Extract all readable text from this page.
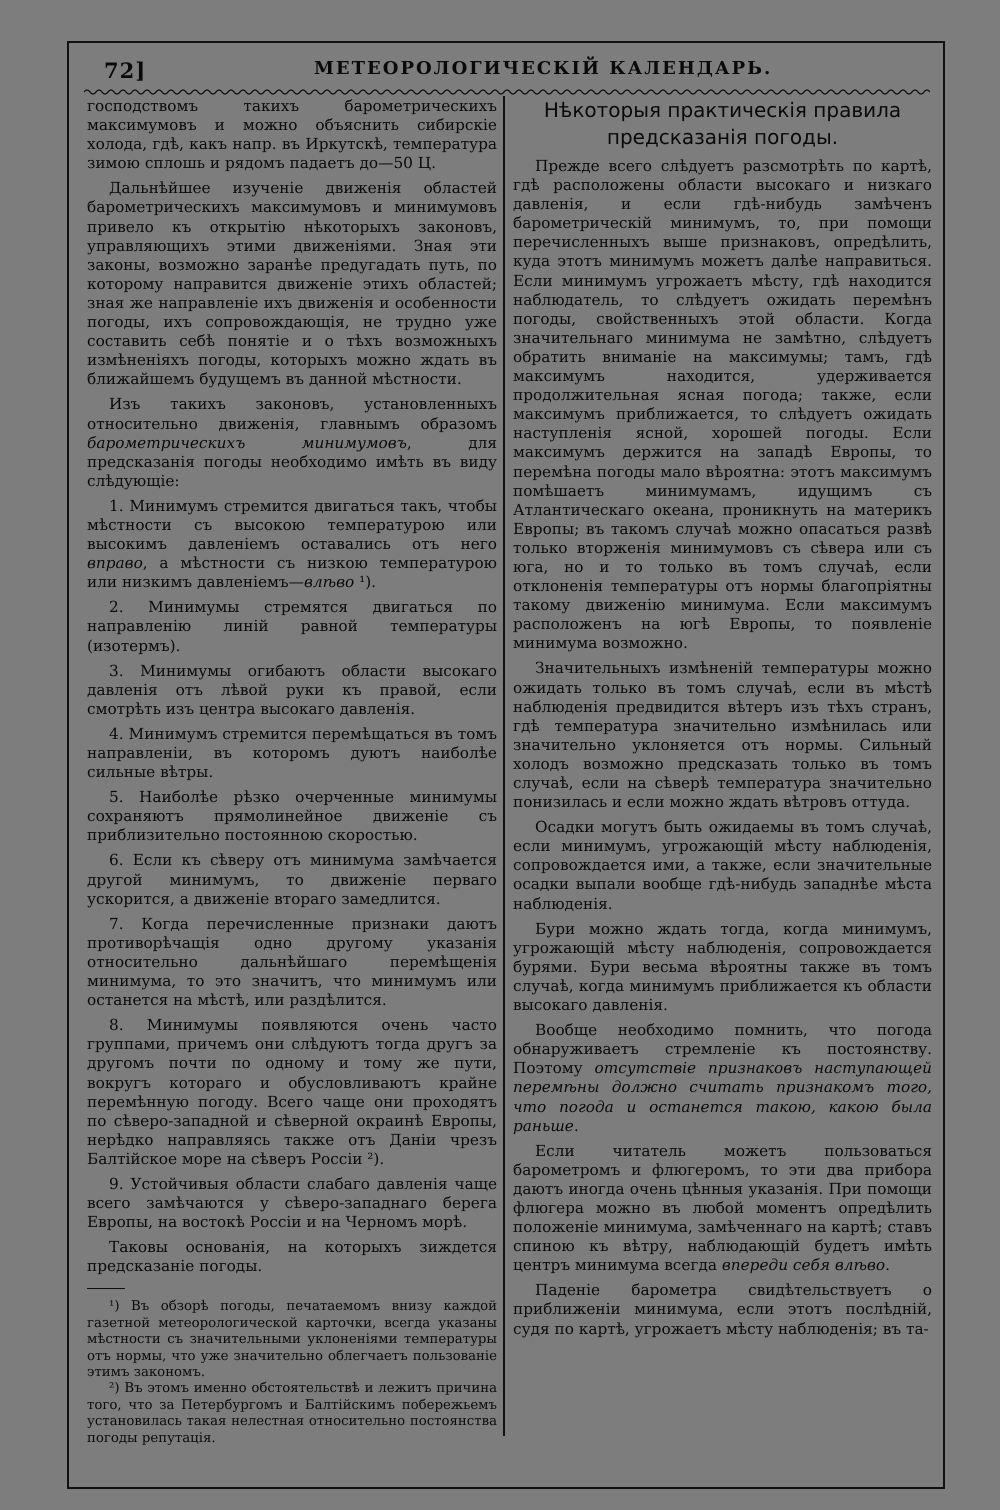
72]	МЕТЕОРОЛОГИЧЕСКІЙ КАЛЕНДАРЬ.

господствомъ такихъ барометрическихъ максимумовъ и можно объяснить сибирскіе холода, гдѣ, какъ напр. въ Иркутскѣ, температура зимою сплошь и рядомъ падаетъ до—50 Ц.

Дальнѣйшее изученіе движенія областей барометрическихъ максимумовъ и минимумовъ привело къ открытію нѣкоторыхъ законовъ, управляющихъ этими движеніями. Зная эти законы, возможно заранѣе предугадать путь, по которому направится движеніе этихъ областей; зная же направленіе ихъ движенія и особенности погоды, ихъ сопровождающія, не трудно уже составить себѣ понятіе и о тѣхъ возможныхъ измѣненіяхъ погоды, которыхъ можно ждать въ ближайшемъ будущемъ въ данной мѣстности.

Изъ такихъ законовъ, установленныхъ относительно движенія, главнымъ образомъ барометрическихъ минимумовъ, для предсказанія погоды необходимо имѣть въ виду слѣдующіе:

1. Минимумъ стремится двигаться такъ, чтобы мѣстности съ высокою температурою или высокимъ давленіемъ оставались отъ него вправо, а мѣстности съ низкою температурою или низкимъ давленіемъ—влѣво ¹).

2. Минимумы стремятся двигаться по направленію линій равной температуры (изотермъ).

3. Минимумы огибаютъ области высокаго давленія отъ лѣвой руки къ правой, если смотрѣть изъ центра высокаго давленія.

4. Минимумъ стремится перемѣщаться въ томъ направленіи, въ которомъ дуютъ наиболѣе сильные вѣтры.

5. Наиболѣе рѣзко очерченные минимумы сохраняютъ прямолинейное движеніе съ приблизительно постоянною скоростью.

6. Если къ сѣверу отъ минимума замѣчается другой минимумъ, то движеніе перваго ускорится, а движеніе втораго замедлится.

7. Когда перечисленные признаки даютъ противорѣчащія одно другому указанія относительно дальнѣйшаго перемѣщенія минимума, то это значитъ, что минимумъ или останется на мѣстѣ, или раздѣлится.

8. Минимумы появляются очень часто группами, причемъ они слѣдуютъ тогда другъ за другомъ почти по одному и тому же пути, вокругъ котораго и обусловливаютъ крайне перемѣнную погоду. Всего чаще они проходятъ по сѣверо-западной и сѣверной окраинѣ Европы, нерѣдко направляясь также отъ Даніи чрезъ Балтійское море на сѣверъ Россіи ²).

9. Устойчивыя области слабаго давленія чаще всего замѣчаются у сѣверо-западнаго берега Европы, на востокѣ Россіи и на Черномъ морѣ.

Таковы основанія, на которыхъ зиждется предсказаніе погоды.

¹) Въ обзорѣ погоды, печатаемомъ внизу каждой газетной метеорологической карточки, всегда указаны мѣстности съ значительными уклоненіями температуры отъ нормы, что уже значительно облегчаетъ пользованіе этимъ закономъ.

²) Въ этомъ именно обстоятельствѣ и лежитъ причина того, что за Петербургомъ и Балтійскимъ побережьемъ установилась такая нелестная относительно постоянства погоды репутація.

Нѣкоторыя практическія правила предсказанія погоды.

Прежде всего слѣдуетъ разсмотрѣть по картѣ, гдѣ расположены области высокаго и низкаго давленія, и если гдѣ-нибудь замѣченъ барометрическій минимумъ, то, при помощи перечисленныхъ выше признаковъ, опредѣлить, куда этотъ минимумъ можетъ далѣе направиться. Если минимумъ угрожаетъ мѣсту, гдѣ находится наблюдатель, то слѣдуетъ ожидать перемѣнъ погоды, свойственныхъ этой области. Когда значительнаго минимума не замѣтно, слѣдуетъ обратить вниманіе на максимумы; тамъ, гдѣ максимумъ находится, удерживается продолжительная ясная погода; также, если максимумъ приближается, то слѣдуетъ ожидать наступленія ясной, хорошей погоды. Если максимумъ держится на западѣ Европы, то перемѣна погоды мало вѣроятна: этотъ максимумъ помѣшаетъ минимумамъ, идущимъ съ Атлантическаго океана, проникнуть на материкъ Европы; въ такомъ случаѣ можно опасаться развѣ только вторженія минимумовъ съ сѣвера или съ юга, но и то только въ томъ случаѣ, если отклоненія температуры отъ нормы благопріятны такому движенію минимума. Если максимумъ расположенъ на югѣ Европы, то появленіе минимума возможно.

Значительныхъ измѣненій температуры можно ожидать только въ томъ случаѣ, если въ мѣстѣ наблюденія предвидится вѣтеръ изъ тѣхъ странъ, гдѣ температура значительно измѣнилась или значительно уклоняется отъ нормы. Сильный холодъ возможно предсказать только въ томъ случаѣ, если на сѣверѣ температура значительно понизилась и если можно ждать вѣтровъ оттуда.

Осадки могутъ быть ожидаемы въ томъ случаѣ, если минимумъ, угрожающій мѣсту наблюденія, сопровождается ими, а также, если значительные осадки выпали вообще гдѣ-нибудь западнѣе мѣста наблюденія.

Бури можно ждать тогда, когда минимумъ, угрожающій мѣсту наблюденія, сопровождается бурями. Бури весьма вѣроятны также въ томъ случаѣ, когда минимумъ приближается къ области высокаго давленія.

Вообще необходимо помнить, что погода обнаруживаетъ стремленіе къ постоянству. Поэтому отсутствіе признаковъ наступающей перемѣны должно считать признакомъ того, что погода и останется такою, какою была раньше.

Если читатель можетъ пользоваться барометромъ и флюгеромъ, то эти два прибора даютъ иногда очень цѣнныя указанія. При помощи флюгера можно въ любой моментъ опредѣлить положеніе минимума, замѣченнаго на картѣ; ставъ спиною къ вѣтру, наблюдающій будетъ имѣть центръ минимума всегда впереди себя влѣво.

Паденіе барометра свидѣтельствуетъ о приближеніи минимума, если этотъ послѣдній, судя по картѣ, угрожаетъ мѣсту наблюденія; въ та-
